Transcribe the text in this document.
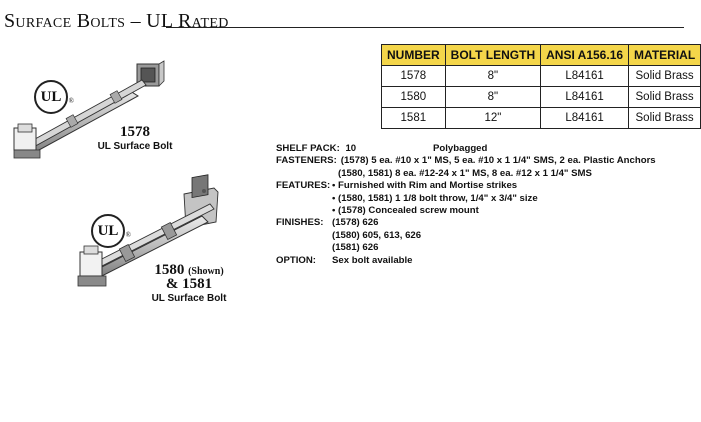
Surface Bolts – UL Rated
NUMBER	BOLT LENGTH	ANSI A156.16	MATERIAL
1578	8"	L84161	Solid Brass
1580	8"	L84161	Solid Brass
1581	12"	L84161	Solid Brass
UL ®
1578
UL Surface Bolt
UL ®
1580 (Shown)
& 1581
UL Surface Bolt
SHELF PACK: 10	Polybagged
FASTENERS: (1578) 5 ea. #10 x 1" MS, 5 ea. #10 x 1 1/4" SMS, 2 ea. Plastic Anchors
(1580, 1581) 8 ea. #12-24 x 1" MS, 8 ea. #12 x 1 1/4" SMS
FEATURES: • Furnished with Rim and Mortise strikes
• (1580, 1581) 1 1/8 bolt throw, 1/4" x 3/4" size
• (1578) Concealed screw mount
FINISHES: (1578) 626
(1580) 605, 613, 626
(1581) 626
OPTION: Sex bolt available
